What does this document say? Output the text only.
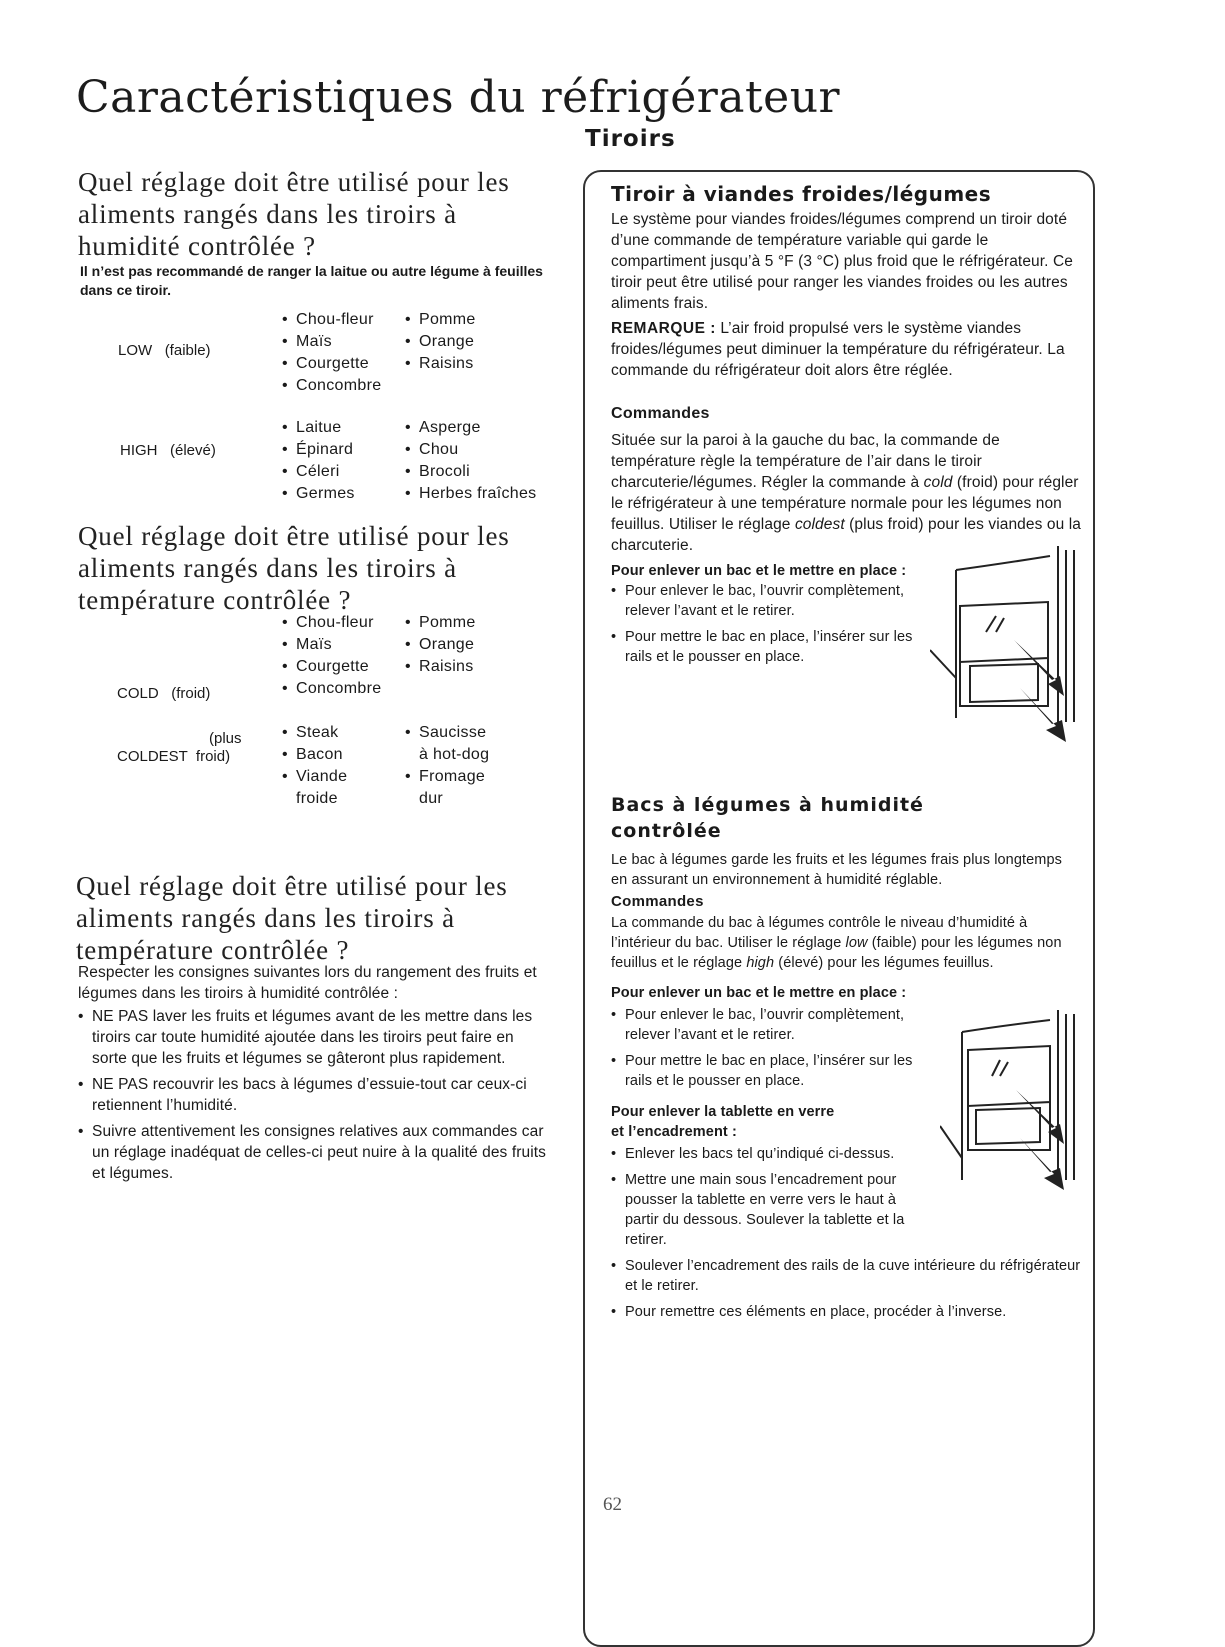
Caractéristiques du réfrigérateur
Quel réglage doit être utilisé pour les aliments rangés dans les tiroirs à humidité contrôlée ?
Il n’est pas recommandé de ranger la laitue ou autre légume à feuilles dans ce tiroir.
LOW (faible)
• Chou-fleur
• Maïs
• Courgette
• Concombre
• Pomme
• Orange
• Raisins
HIGH (élevé)
• Laitue
• Épinard
• Céleri
• Germes
• Asperge
• Chou
• Brocoli
• Herbes fraîches
Quel réglage doit être utilisé pour les aliments rangés dans les tiroirs à température contrôlée ?
• Chou-fleur
• Maïs
• Courgette
• Concombre
• Pomme
• Orange
• Raisins
COLD (froid)
(plus
COLDEST froid)
• Steak
• Bacon
• Viande
froide
• Saucisse
à hot-dog
• Fromage
dur
Quel réglage doit être utilisé pour les aliments rangés dans les tiroirs à température contrôlée ?
Respecter les consignes suivantes lors du rangement des fruits et légumes dans les tiroirs à humidité contrôlée :
• NE PAS laver les fruits et légumes avant de les mettre dans les tiroirs car toute humidité ajoutée dans les tiroirs peut faire en sorte que les fruits et légumes se gâteront plus rapidement.
• NE PAS recouvrir les bacs à légumes d’essuie-tout car ceux-ci retiennent l’humidité.
• Suivre attentivement les consignes relatives aux commandes car un réglage inadéquat de celles-ci peut nuire à la qualité des fruits et légumes.
Tiroirs
Tiroir à viandes froides/légumes
Le système pour viandes froides/légumes comprend un tiroir doté d’une commande de température variable qui garde le compartiment jusqu’à 5 °F (3 °C) plus froid que le réfrigérateur. Ce tiroir peut être utilisé pour ranger les viandes froides ou les autres aliments frais.
REMARQUE : L’air froid propulsé vers le système viandes froides/légumes peut diminuer la température du réfrigérateur. La commande du réfrigérateur doit alors être réglée.
Commandes
Située sur la paroi à la gauche du bac, la commande de température règle la température de l’air dans le tiroir charcuterie/légumes. Régler la commande à cold (froid) pour régler le réfrigérateur à une température normale pour les légumes non feuillus. Utiliser le réglage coldest (plus froid) pour les viandes ou la charcuterie.
Pour enlever un bac et le mettre en place :
• Pour enlever le bac, l’ouvrir complètement, relever l’avant et le retirer.
• Pour mettre le bac en place, l’insérer sur les rails et le pousser en place.
Bacs à légumes à humidité
contrôlée
Le bac à légumes garde les fruits et les légumes frais plus longtemps en assurant un environnement à humidité réglable.
Commandes
La commande du bac à légumes contrôle le niveau d’humidité à l’intérieur du bac. Utiliser le réglage low (faible) pour les légumes non feuillus et le réglage high (élevé) pour les légumes feuillus.
Pour enlever un bac et le mettre en place :
• Pour enlever le bac, l’ouvrir complètement, relever l’avant et le retirer.
• Pour mettre le bac en place, l’insérer sur les rails et le pousser en place.
Pour enlever la tablette en verre
et l’encadrement :
• Enlever les bacs tel qu’indiqué ci-dessus.
• Mettre une main sous l’encadrement pour pousser la tablette en verre vers le haut à partir du dessous. Soulever la tablette et la retirer.
• Soulever l’encadrement des rails de la cuve intérieure du réfrigérateur et le retirer.
• Pour remettre ces éléments en place, procéder à l’inverse.
62
